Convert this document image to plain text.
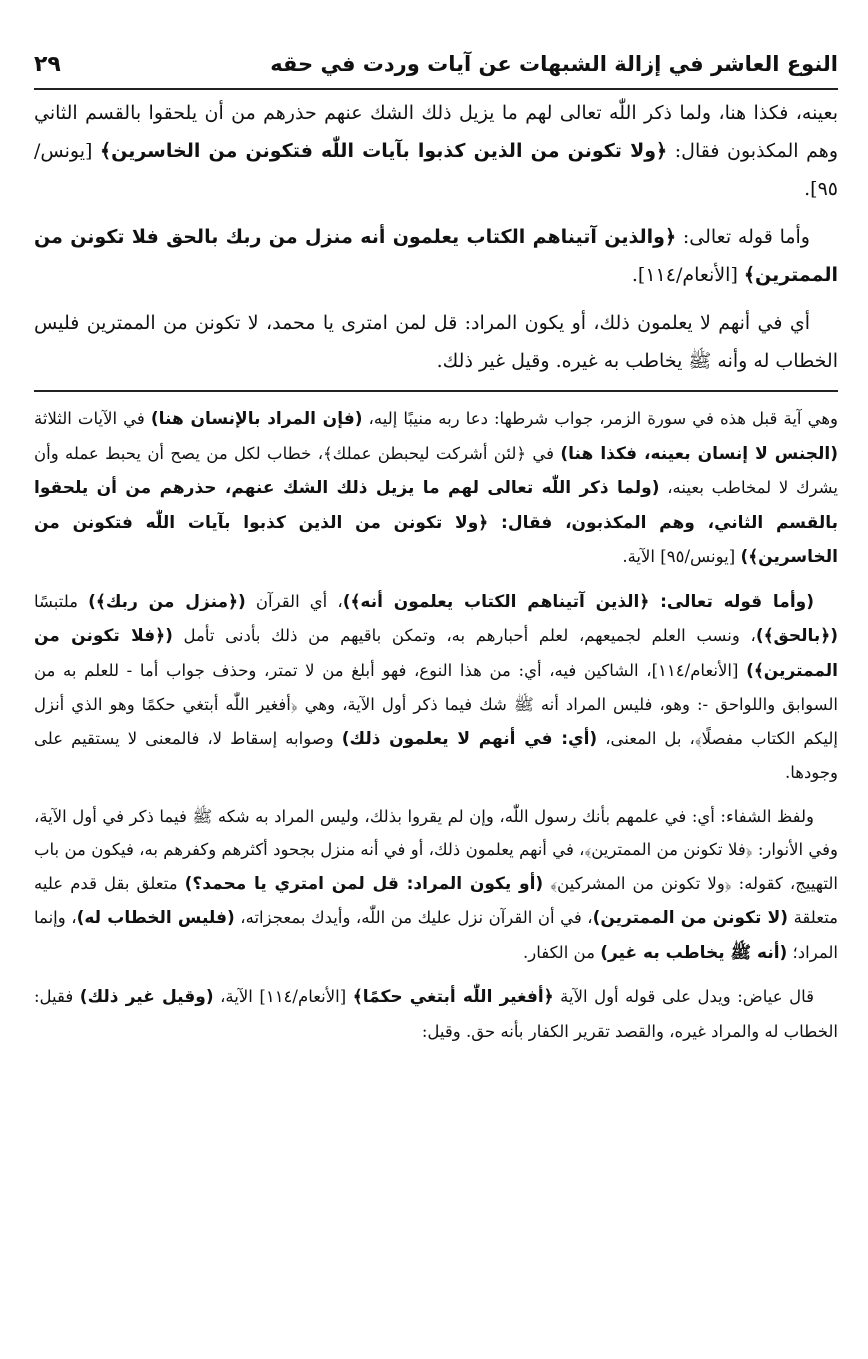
النوع العاشر في إزالة الشبهات عن آيات وردت في حقه
٢٩

بعينه، فكذا هنا، ولما ذكر اللّٰه تعالى لهم ما يزيل ذلك الشك عنهم حذرهم من أن يلحقوا بالقسم الثاني وهم المكذبون فقال: ﴿ولا تكونن من الذين كذبوا بآيات اللّٰه فتكونن من الخاسرين﴾ [يونس/٩٥].

وأما قوله تعالى: ﴿والذين آتيناهم الكتاب يعلمون أنه منزل من ربك بالحق فلا تكونن من الممترين﴾ [الأنعام/١١٤].

أي في أنهم لا يعلمون ذلك، أو يكون المراد: قل لمن امترى يا محمد، لا تكونن من الممترين فليس الخطاب له وأنه ﷺ يخاطب به غيره. وقيل غير ذلك.

وهي آية قبل هذه في سورة الزمر، جواب شرطها: دعا ربه منيبًا إليه، (فإن المراد بالإنسان هنا) في الآيات الثلاثة (الجنس لا إنسان بعينه، فكذا هنا) في ﴿لئن أشركت ليحبطن عملك﴾، خطاب لكل من يصح أن يحبط عمله وأن يشرك لا لمخاطب بعينه، (ولما ذكر اللّٰه تعالى لهم ما يزيل ذلك الشك عنهم، حذرهم من أن يلحقوا بالقسم الثاني، وهم المكذبون، فقال: ﴿ولا تكونن من الذين كذبوا بآيات اللّٰه فتكونن من الخاسرين﴾) [يونس/٩٥] الآية.

(وأما قوله تعالى: ﴿الذين آتيناهم الكتاب يعلمون أنه﴾)، أي القرآن (﴿منزل من ربك﴾) ملتبسًا (﴿بالحق﴾)، ونسب العلم لجميعهم، لعلم أحبارهم به، وتمكن باقيهم من ذلك بأدنى تأمل (﴿فلا تكونن من الممترين﴾) [الأنعام/١١٤]، الشاكين فيه، أي: من هذا النوع، فهو أبلغ من لا تمتر، وحذف جواب أما - للعلم به من السوابق واللواحق -: وهو، فليس المراد أنه ﷺ شك فيما ذكر أول الآية، وهي ﴿أفغير اللّٰه أبتغي حكمًا وهو الذي أنزل إليكم الكتاب مفصلًا﴾، بل المعنى، (أي: في أنهم لا يعلمون ذلك) وصوابه إسقاط لا، فالمعنى لا يستقيم على وجودها.

ولفظ الشفاء: أي: في علمهم بأنك رسول اللّٰه، وإن لم يقروا بذلك، وليس المراد به شكه ﷺ فيما ذكر في أول الآية، وفي الأنوار: ﴿فلا تكونن من الممترين﴾، في أنهم يعلمون ذلك، أو في أنه منزل بجحود أكثرهم وكفرهم به، فيكون من باب التهييج، كقوله: ﴿ولا تكونن من المشركين﴾ (أو يكون المراد: قل لمن امتري يا محمد؟) متعلق بقل قدم عليه متعلقة (لا تكونن من الممترين)، في أن القرآن نزل عليك من اللّٰه، وأيدك بمعجزاته، (فليس الخطاب له)، وإنما المراد؛ (أنه ﷺ يخاطب به غير) من الكفار.

قال عياض: ويدل على قوله أول الآية ﴿أفغير اللّٰه أبتغي حكمًا﴾ [الأنعام/١١٤] الآية، (وقيل غير ذلك) فقيل: الخطاب له والمراد غيره، والقصد تقرير الكفار بأنه حق. وقيل:
